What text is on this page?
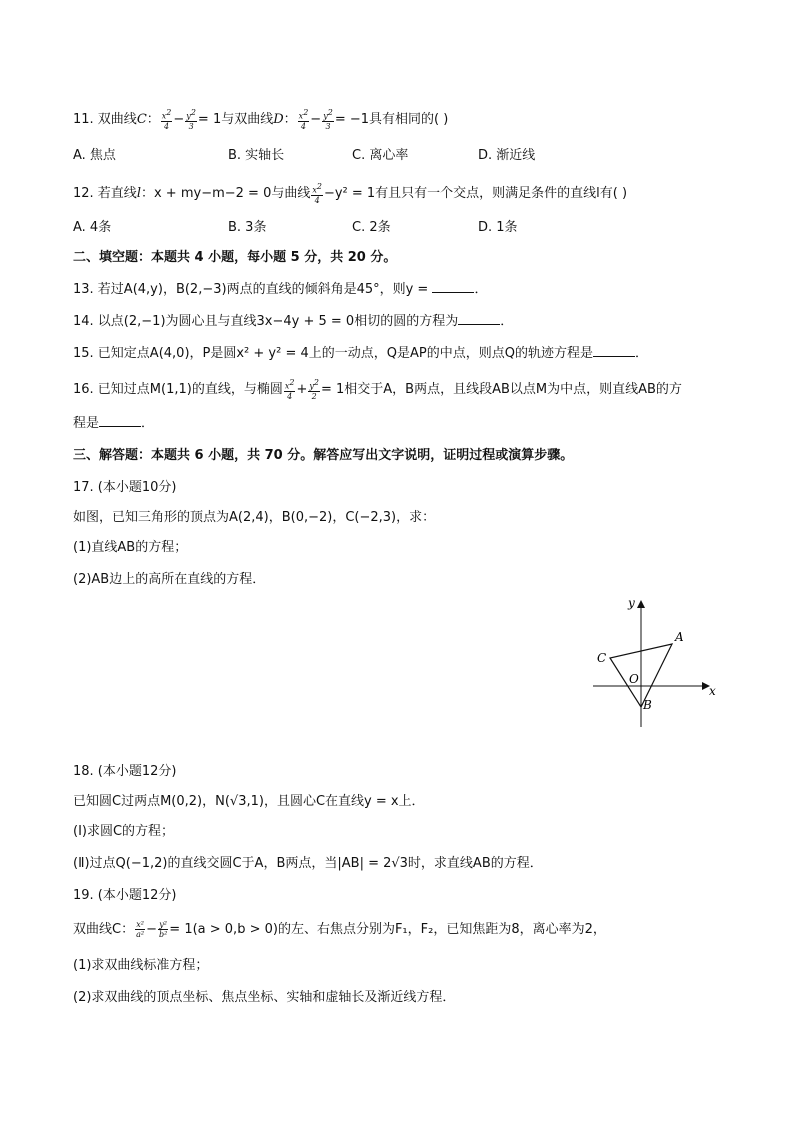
11. 双曲线C： $\frac{x^2}{4} - \frac{y^2}{3} = 1$与双曲线D： $\frac{x^2}{4} - \frac{y^2}{3} = -1$具有相同的( )
A. 焦点	B. 实轴长	C. 离心率	D. 渐近线
12. 若直线l：x + my−m−2 = 0与曲线 $\frac{x^2}{4} -y^2 = 1$有且只有一个交点，则满足条件的直线l有( )
A. 4条	B. 3条	C. 2条	D. 1条
二、填空题：本题共 4 小题，每小题 5 分，共 20 分。
13. 若过A(4,y)，B(2,−3)两点的直线的倾斜角是45°，则y =	．
14. 以点(2,−1)为圆心且与直线3x−4y + 5 = 0相切的圆的方程为	．
15. 已知定点A(4,0)，P是圆x² + y² = 4上的一动点，Q是AP的中点，则点Q的轨迹方程是	．
16. 已知过点M(1,1)的直线，与椭圆 $\frac{x^2}{4} + \frac{y^2}{2} = 1$相交于A，B两点，且线段AB以点M为中点，则直线AB的方
程是	．
三、解答题：本题共 6 小题，共 70 分。解答应写出文字说明，证明过程或演算步骤。
17. (本小题10分)
如图，已知三角形的顶点为A(2,4)，B(0,−2)，C(−2,3)，求：
(1)直线AB的方程；
(2)AB边上的高所在直线的方程．
y
x
A
B
C
O
18. (本小题12分)
已知圆C过两点M(0,2)，N(√3,1)，且圆心C在直线y = x上．
(Ⅰ)求圆C的方程；
(Ⅱ)过点Q(−1,2)的直线交圆C于A，B两点，当|AB| = 2√3时，求直线AB的方程．
19. (本小题12分)
双曲线C： $\frac{\text{x²}}{\text{a²}} - \frac{\text{y²}}{\text{b²}} = 1(a > 0,b > 0)$的左、右焦点分别为F₁，F₂，已知焦距为8，离心率为2，
(1)求双曲线标准方程；
(2)求双曲线的顶点坐标、焦点坐标、实轴和虚轴长及渐近线方程．
